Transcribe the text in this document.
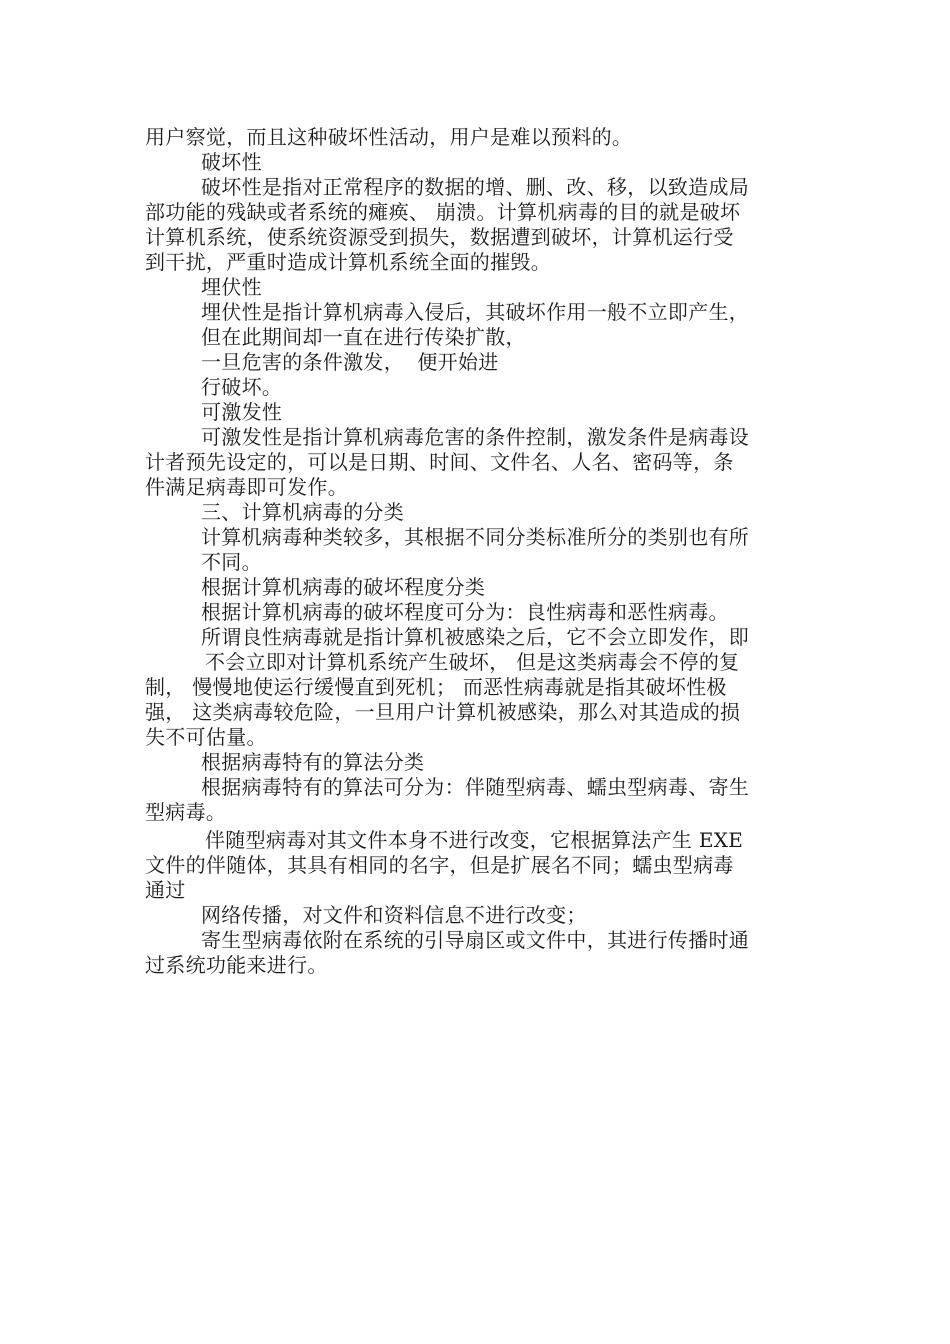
用户察觉，而且这种破坏性活动，用户是难以预料的。
破坏性
破坏性是指对正常程序的数据的增、删、改、移，以致造成局
部功能的残缺或者系统的瘫痪、 崩溃。计算机病毒的目的就是破坏
计算机系统，使系统资源受到损失，数据遭到破坏，计算机运行受
到干扰，严重时造成计算机系统全面的摧毁。
埋伏性
埋伏性是指计算机病毒入侵后，其破坏作用一般不立即产生，
但在此期间却一直在进行传染扩散，
一旦危害的条件激发，  便开始进
行破坏。
可激发性
可激发性是指计算机病毒危害的条件控制，激发条件是病毒设
计者预先设定的，可以是日期、时间、文件名、人名、密码等，条
件满足病毒即可发作。
三、计算机病毒的分类
计算机病毒种类较多，其根据不同分类标准所分的类别也有所
不同。
根据计算机病毒的破坏程度分类
根据计算机病毒的破坏程度可分为：良性病毒和恶性病毒。
所谓良性病毒就是指计算机被感染之后，它不会立即发作，即
不会立即对计算机系统产生破坏， 但是这类病毒会不停的复
制， 慢慢地使运行缓慢直到死机； 而恶性病毒就是指其破坏性极
强， 这类病毒较危险，一旦用户计算机被感染，那么对其造成的损
失不可估量。
根据病毒特有的算法分类
根据病毒特有的算法可分为：伴随型病毒、蠕虫型病毒、寄生
型病毒。
伴随型病毒对其文件本身不进行改变，它根据算法产生 EXE
文件的伴随体，其具有相同的名字，但是扩展名不同；蠕虫型病毒
通过
网络传播，对文件和资料信息不进行改变；
寄生型病毒依附在系统的引导扇区或文件中，其进行传播时通
过系统功能来进行。
